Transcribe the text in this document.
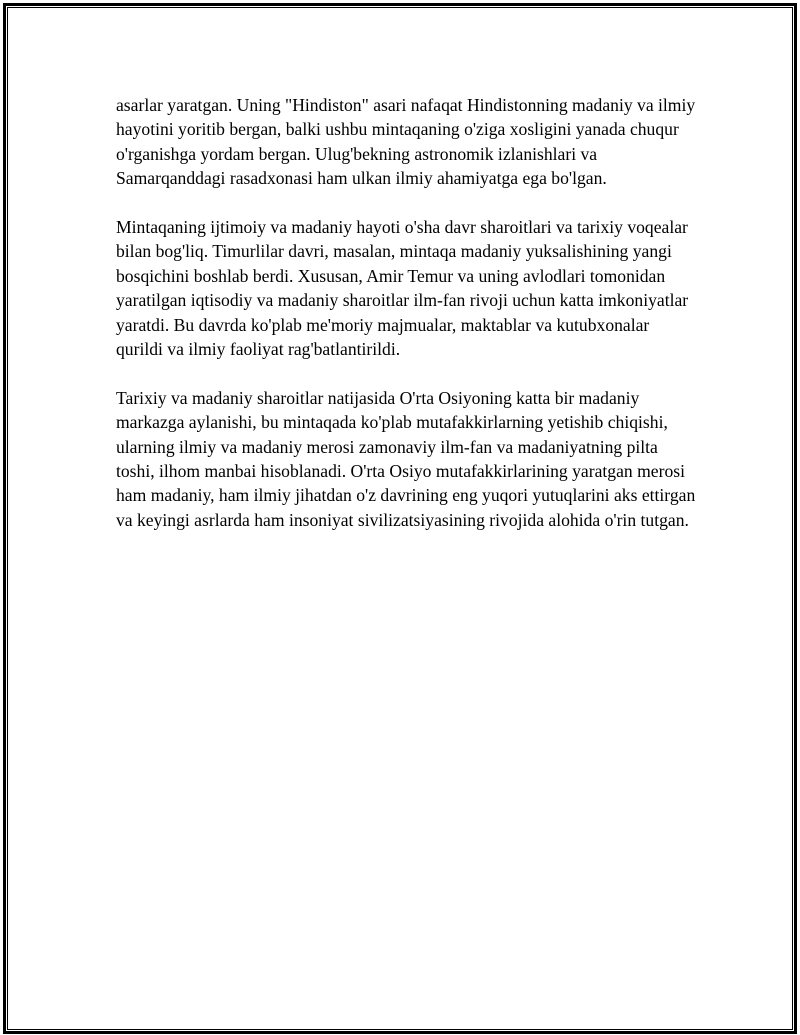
asarlar yaratgan. Uning "Hindiston" asari nafaqat Hindistonning madaniy va ilmiy hayotini yoritib bergan, balki ushbu mintaqaning o'ziga xosligini yanada chuqur o'rganishga yordam bergan. Ulug'bekning astronomik izlanishlari va Samarqanddagi rasadxonasi ham ulkan ilmiy ahamiyatga ega bo'lgan.

Mintaqaning ijtimoiy va madaniy hayoti o'sha davr sharoitlari va tarixiy voqealar bilan bog'liq. Timurlilar davri, masalan, mintaqa madaniy yuksalishining yangi bosqichini boshlab berdi. Xususan, Amir Temur va uning avlodlari tomonidan yaratilgan iqtisodiy va madaniy sharoitlar ilm-fan rivoji uchun katta imkoniyatlar yaratdi. Bu davrda ko'plab me'moriy majmualar, maktablar va kutubxonalar qurildi va ilmiy faoliyat rag'batlantirildi.

Tarixiy va madaniy sharoitlar natijasida O'rta Osiyoning katta bir madaniy markazga aylanishi, bu mintaqada ko'plab mutafakkirlarning yetishib chiqishi, ularning ilmiy va madaniy merosi zamonaviy ilm-fan va madaniyatning pilta toshi, ilhom manbai hisoblanadi. O'rta Osiyo mutafakkirlarining yaratgan merosi ham madaniy, ham ilmiy jihatdan o'z davrining eng yuqori yutuqlarini aks ettirgan va keyingi asrlarda ham insoniyat sivilizatsiyasining rivojida alohida o'rin tutgan.
